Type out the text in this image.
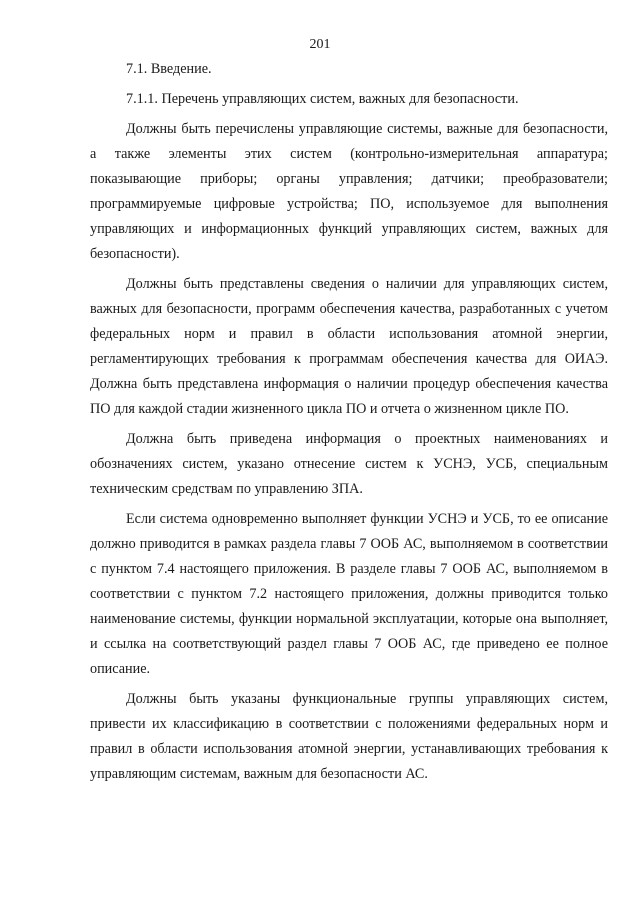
201

7.1. Введение.

7.1.1. Перечень управляющих систем, важных для безопасности.

Должны быть перечислены управляющие системы, важные для безопасности, а также элементы этих систем (контрольно-измерительная аппаратура; показывающие приборы; органы управления; датчики; преобразователи; программируемые цифровые устройства; ПО, используемое для выполнения управляющих и информационных функций управляющих систем, важных для безопасности).

Должны быть представлены сведения о наличии для управляющих систем, важных для безопасности, программ обеспечения качества, разработанных с учетом федеральных норм и правил в области использования атомной энергии, регламентирующих требования к программам обеспечения качества для ОИАЭ. Должна быть представлена информация о наличии процедур обеспечения качества ПО для каждой стадии жизненного цикла ПО и отчета о жизненном цикле ПО.

Должна быть приведена информация о проектных наименованиях и обозначениях систем, указано отнесение систем к УСНЭ, УСБ, специальным техническим средствам по управлению ЗПА.

Если система одновременно выполняет функции УСНЭ и УСБ, то ее описание должно приводится в рамках раздела главы 7 ООБ АС, выполняемом в соответствии с пунктом 7.4 настоящего приложения. В разделе главы 7 ООБ АС, выполняемом в соответствии с пунктом 7.2 настоящего приложения, должны приводится только наименование системы, функции нормальной эксплуатации, которые она выполняет, и ссылка на соответствующий раздел главы 7 ООБ АС, где приведено ее полное описание.

Должны быть указаны функциональные группы управляющих систем, привести их классификацию в соответствии с положениями федеральных норм и правил в области использования атомной энергии, устанавливающих требования к управляющим системам, важным для безопасности АС.
